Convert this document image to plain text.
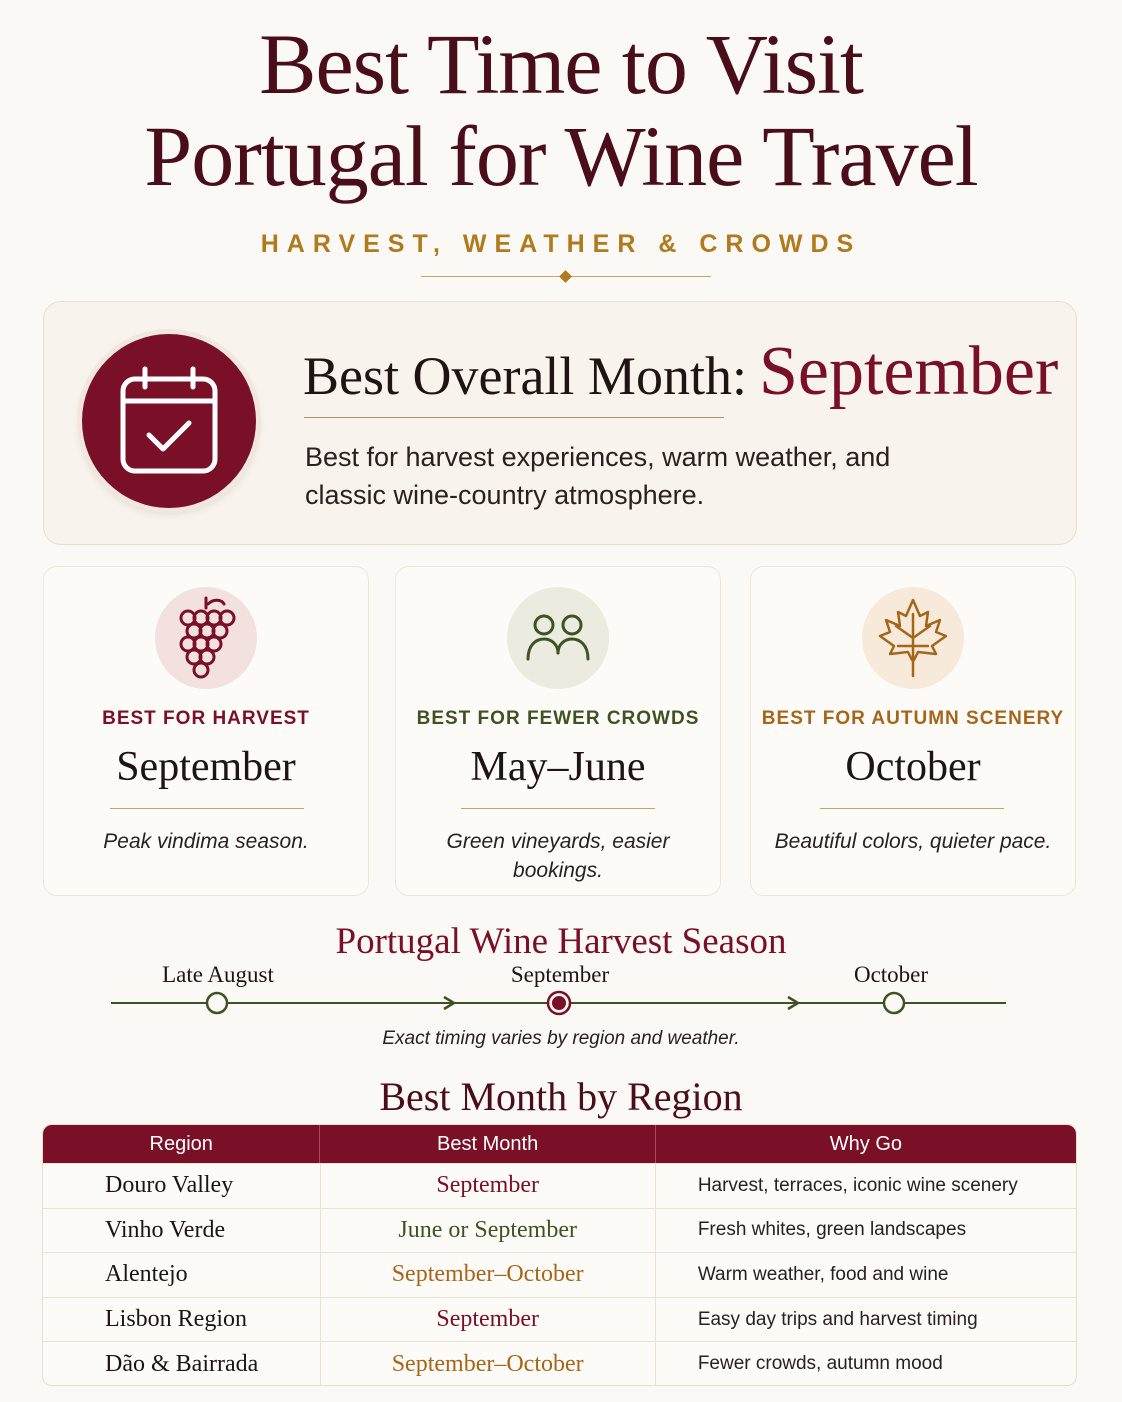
Best Time to Visit
Portugal for Wine Travel
HARVEST, WEATHER & CROWDS
Best Overall Month: September
Best for harvest experiences, warm weather, and classic wine-country atmosphere.
BEST FOR HARVEST
September
Peak vindima season.
BEST FOR FEWER CROWDS
May–June
Green vineyards, easier bookings.
BEST FOR AUTUMN SCENERY
October
Beautiful colors, quieter pace.
Portugal Wine Harvest Season
Late August	September	October
Exact timing varies by region and weather.
Best Month by Region
Region	Best Month	Why Go
Douro Valley	September	Harvest, terraces, iconic wine scenery
Vinho Verde	June or September	Fresh whites, green landscapes
Alentejo	September–October	Warm weather, food and wine
Lisbon Region	September	Easy day trips and harvest timing
Dão & Bairrada	September–October	Fewer crowds, autumn mood
